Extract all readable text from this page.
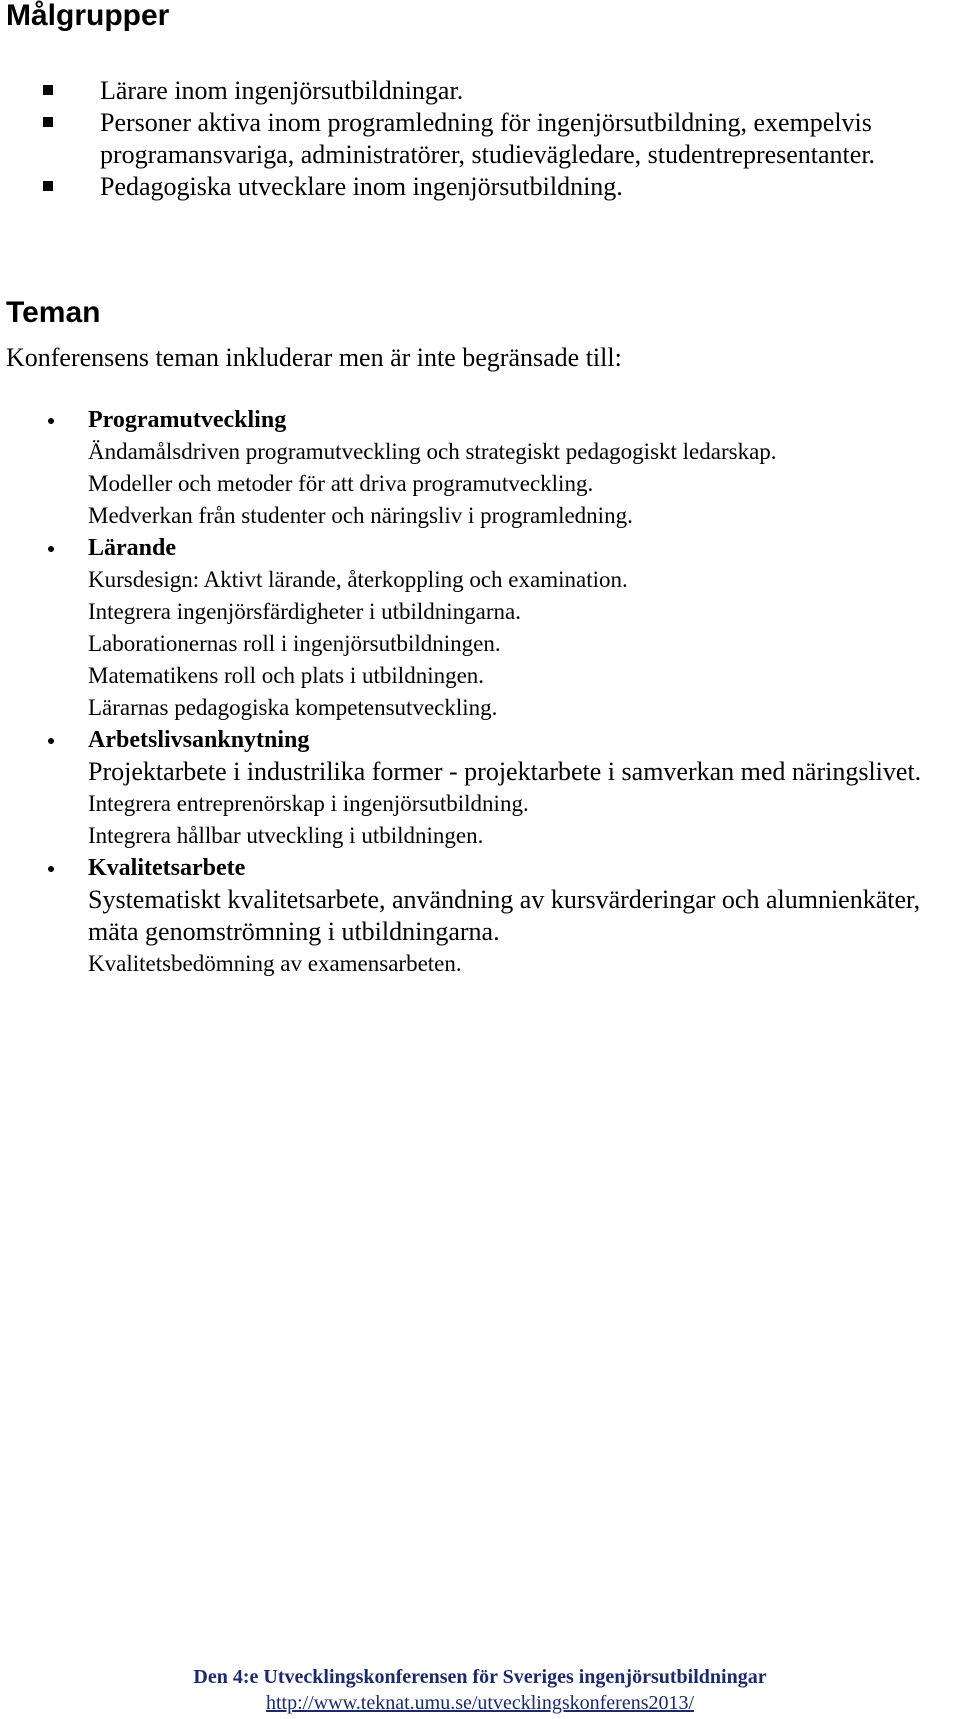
Målgrupper
Lärare inom ingenjörsutbildningar.
Personer aktiva inom programledning för ingenjörsutbildning, exempelvis programansvariga, administratörer, studievägledare, studentrepresentanter.
Pedagogiska utvecklare inom ingenjörsutbildning.
Teman

Konferensens teman inkluderar men är inte begränsade till:

Programutveckling
Ändamålsdriven programutveckling och strategiskt pedagogiskt ledarskap.
Modeller och metoder för att driva programutveckling.
Medverkan från studenter och näringsliv i programledning.
Lärande
Kursdesign: Aktivt lärande, återkoppling och examination.
Integrera ingenjörsfärdigheter i utbildningarna.
Laborationernas roll i ingenjörsutbildningen.
Matematikens roll och plats i utbildningen.
Lärarnas pedagogiska kompetensutveckling.
Arbetslivsanknytning
Projektarbete i industrilika former - projektarbete i samverkan med näringslivet.
Integrera entreprenörskap i ingenjörsutbildning.
Integrera hållbar utveckling i utbildningen.
Kvalitetsarbete
Systematiskt kvalitetsarbete, användning av kursvärderingar och alumnienkäter, mäta genomströmning i utbildningarna.
Kvalitetsbedömning av examensarbeten.
Den 4:e Utvecklingskonferensen för Sveriges ingenjörsutbildningar
http://www.teknat.umu.se/utvecklingskonferens2013/
